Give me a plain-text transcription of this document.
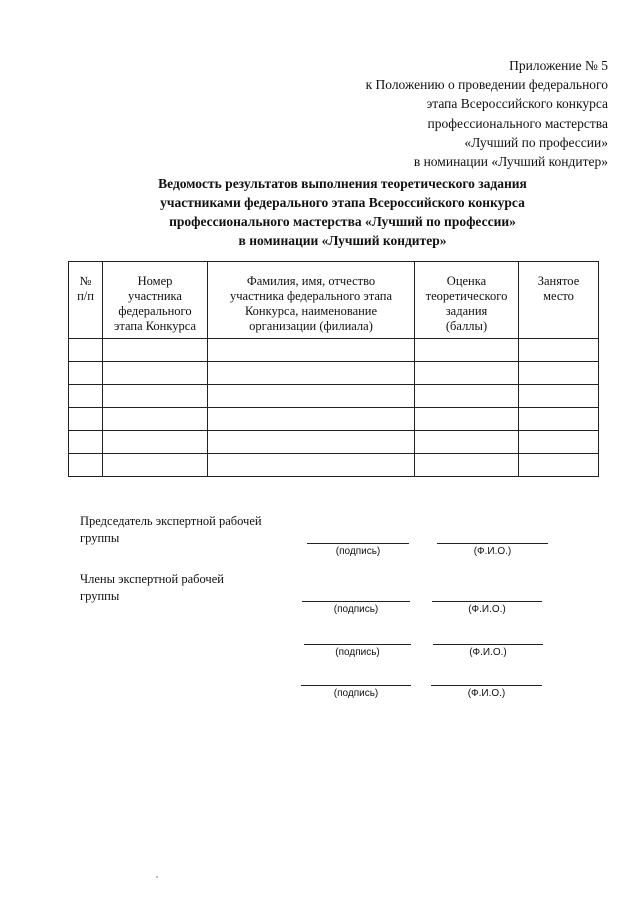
Приложение № 5
к Положению о проведении федерального
этапа Всероссийского конкурса
профессионального мастерства
«Лучший по профессии»
в номинации «Лучший кондитер»
Ведомость результатов выполнения теоретического задания
участниками федерального этапа Всероссийского конкурса
профессионального мастерства «Лучший по профессии»
в номинации «Лучший кондитер»
№
п/п	Номер
участника
федерального
этапа Конкурса	Фамилия, имя, отчество
участника федерального этапа
Конкурса, наименование
организации (филиала)	Оценка
теоретического
задания
(баллы)	Занятое
место

Председатель экспертной рабочей
группы
(подпись)	(Ф.И.О.)
Члены экспертной рабочей
группы
(подпись)	(Ф.И.О.)
(подпись)	(Ф.И.О.)
(подпись)	(Ф.И.О.)
